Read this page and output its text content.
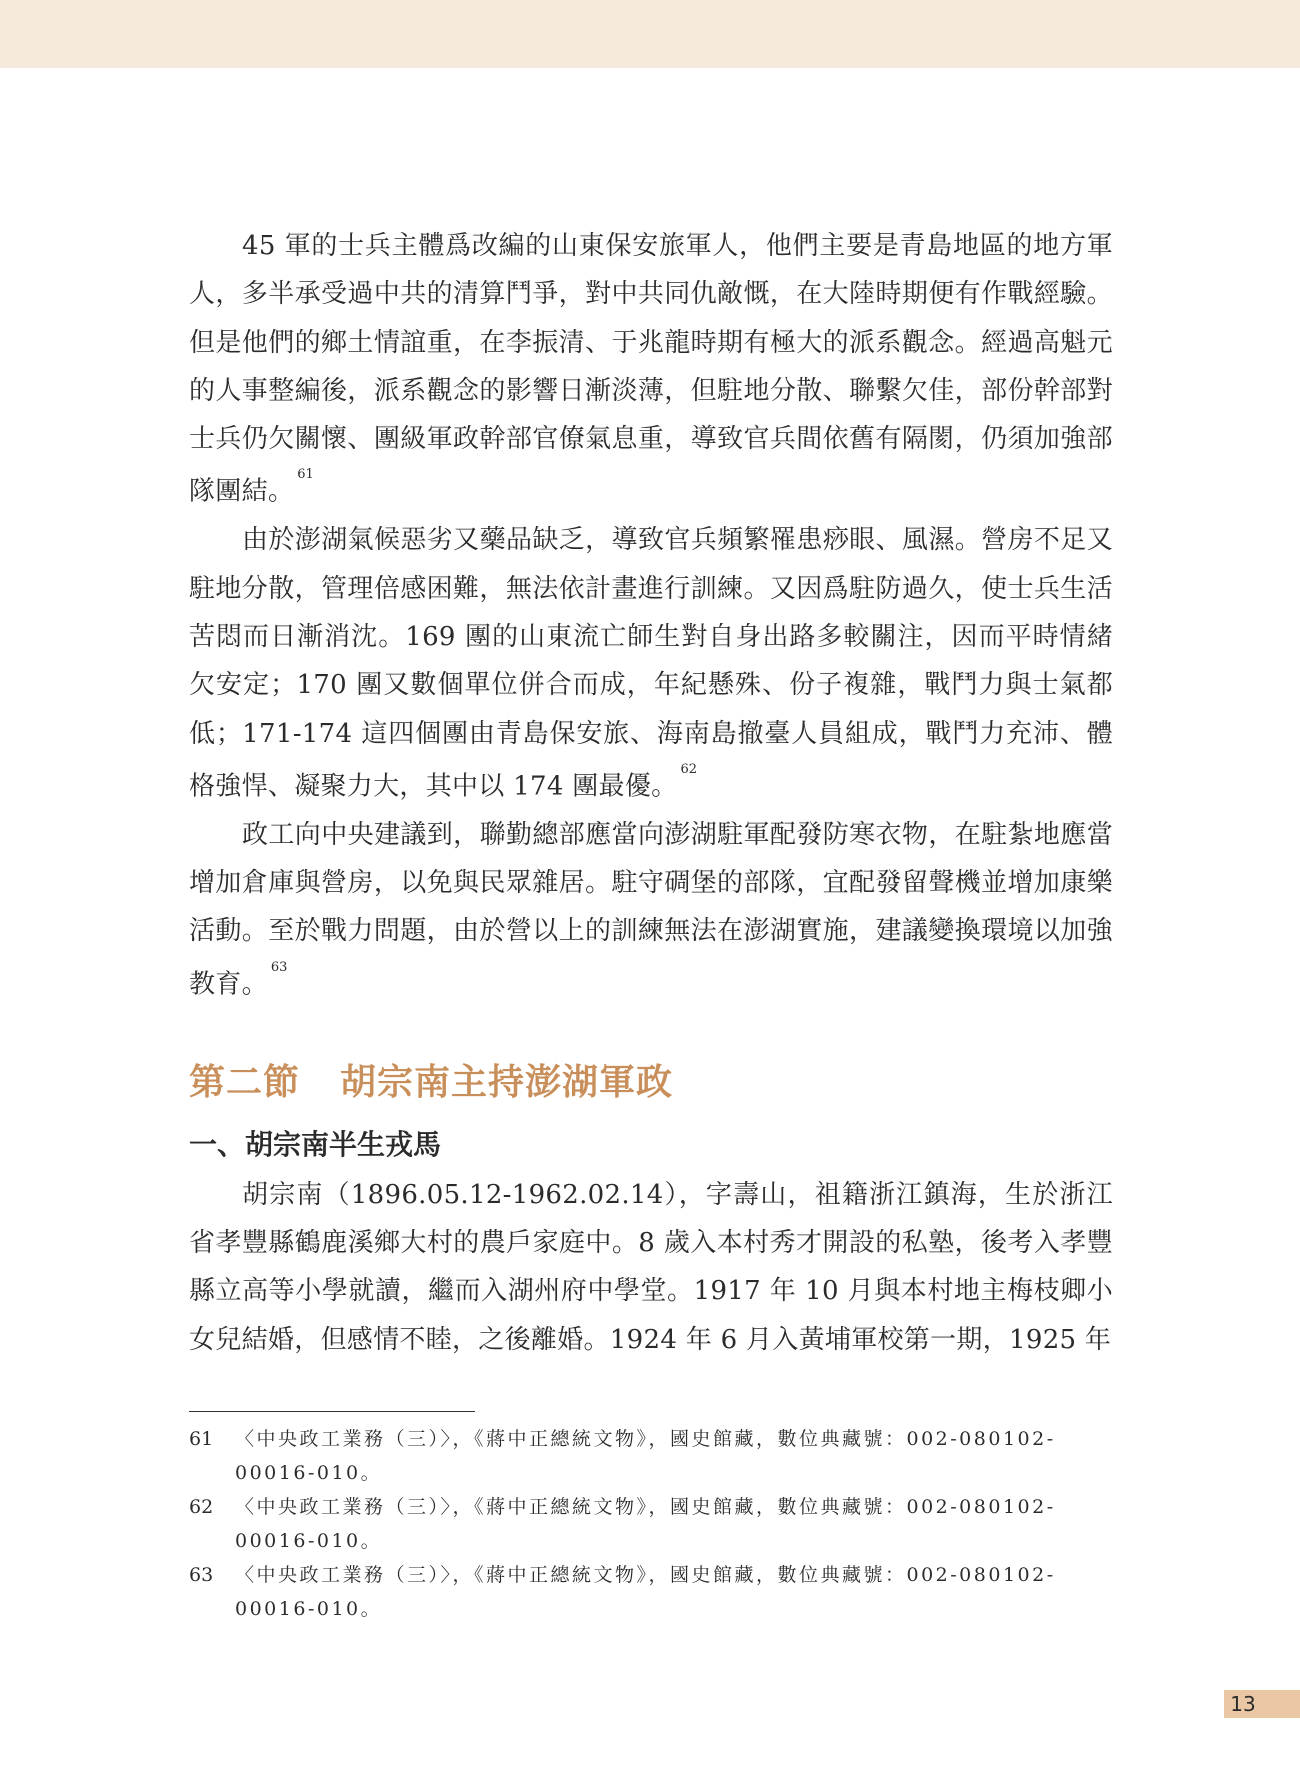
45 軍的士兵主體爲改編的山東保安旅軍人，他們主要是青島地區的地方軍人，多半承受過中共的清算鬥爭，對中共同仇敵慨，在大陸時期便有作戰經驗。但是他們的鄉土情誼重，在李振清、于兆龍時期有極大的派系觀念。經過高魁元的人事整編後，派系觀念的影響日漸淡薄，但駐地分散、聯繫欠佳，部份幹部對士兵仍欠關懷、團級軍政幹部官僚氣息重，導致官兵間依舊有隔閡，仍須加強部隊團結。$^{61}$

由於澎湖氣候惡劣又藥品缺乏，導致官兵頻繁罹患痧眼、風濕。營房不足又駐地分散，管理倍感困難，無法依計畫進行訓練。又因爲駐防過久，使士兵生活苦悶而日漸消沈。169 團的山東流亡師生對自身出路多較關注，因而平時情緒欠安定；170 團又數個單位併合而成，年紀懸殊、份子複雜，戰鬥力與士氣都低；171-174 這四個團由青島保安旅、海南島撤臺人員組成，戰鬥力充沛、體格強悍、凝聚力大，其中以 174 團最優。$^{62}$

政工向中央建議到，聯勤總部應當向澎湖駐軍配發防寒衣物，在駐紮地應當增加倉庫與營房，以免與民眾雜居。駐守碉堡的部隊，宜配發留聲機並增加康樂活動。至於戰力問題，由於營以上的訓練無法在澎湖實施，建議變換環境以加強教育。$^{63}$

第二節 胡宗南主持澎湖軍政
一、胡宗南半生戎馬

胡宗南（1896.05.12-1962.02.14），字壽山，祖籍浙江鎮海，生於浙江省孝豐縣鶴鹿溪鄉大村的農戶家庭中。8 歲入本村秀才開設的私塾，後考入孝豐縣立高等小學就讀，繼而入湖州府中學堂。1917 年 10 月與本村地主梅枝卿小女兒結婚，但感情不睦，之後離婚。1924 年 6 月入黃埔軍校第一期，1925 年

61 〈中央政工業務（三）〉，《蔣中正總統文物》，國史館藏，數位典藏號：002-080102-00016-010。
62 〈中央政工業務（三）〉，《蔣中正總統文物》，國史館藏，數位典藏號：002-080102-00016-010。
63 〈中央政工業務（三）〉，《蔣中正總統文物》，國史館藏，數位典藏號：002-080102-00016-010。
13
